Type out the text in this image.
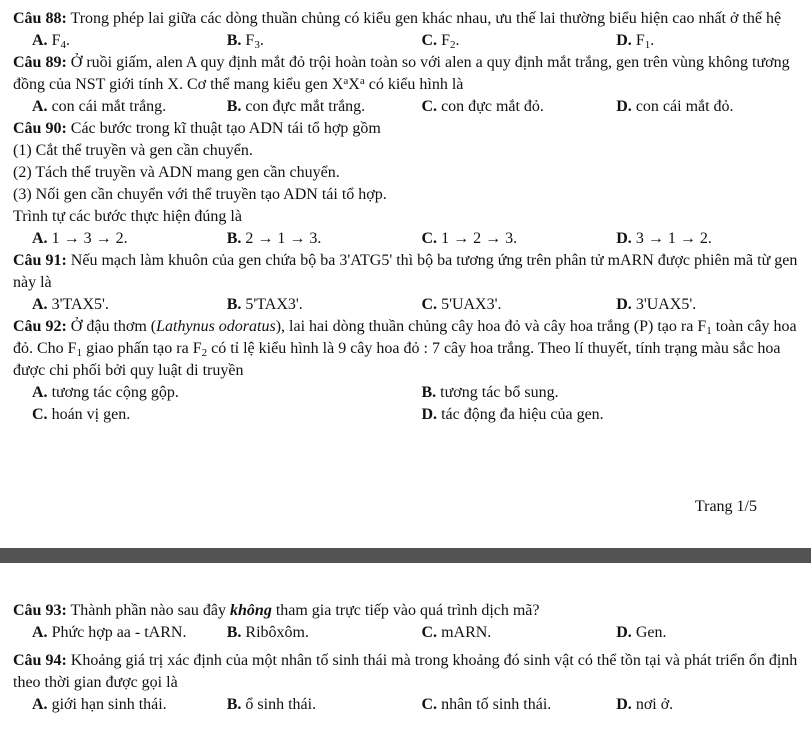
Câu 88: Trong phép lai giữa các dòng thuần chủng có kiểu gen khác nhau, ưu thế lai thường biểu hiện cao nhất ở thế hệ

A. $F_4$.	B. $F_3$.	C. $F_2$.	D. $F_1$.

Câu 89: Ở ruồi giấm, alen A quy định mắt đỏ trội hoàn toàn so với alen a quy định mắt trắng, gen trên vùng không tương đồng của NST giới tính X. Cơ thể mang kiểu gen $X^aX^a$ có kiểu hình là

A. con cái mắt trắng.	B. con đực mắt trắng.	C. con đực mắt đỏ.	D. con cái mắt đỏ.

Câu 90: Các bước trong kĩ thuật tạo ADN tái tổ hợp gồm

(1) Cắt thể truyền và gen cần chuyển.

(2) Tách thể truyền và ADN mang gen cần chuyển.

(3) Nối gen cần chuyển với thể truyền tạo ADN tái tổ hợp.

Trình tự các bước thực hiện đúng là

A. 1 → 3 → 2.	B. 2 → 1 → 3.	C. 1 → 2 → 3.	D. 3 → 1 → 2.

Câu 91: Nếu mạch làm khuôn của gen chứa bộ ba 3'ATG5' thì bộ ba tương ứng trên phân tử mARN được phiên mã từ gen này là

A. 3'TAX5'.	B. 5'TAX3'.	C. 5'UAX3'.	D. 3'UAX5'.

Câu 92: Ở đậu thơm (Lathynus odoratus), lai hai dòng thuần chủng cây hoa đỏ và cây hoa trắng (P) tạo ra $F_1$ toàn cây hoa đỏ. Cho $F_1$ giao phấn tạo ra $F_2$ có tỉ lệ kiểu hình là 9 cây hoa đỏ : 7 cây hoa trắng. Theo lí thuyết, tính trạng màu sắc hoa được chi phối bởi quy luật di truyền

A. tương tác cộng gộp.	B. tương tác bổ sung.
C. hoán vị gen.	D. tác động đa hiệu của gen.
Trang 1/5

Câu 93: Thành phần nào sau đây không tham gia trực tiếp vào quá trình dịch mã?

A. Phức hợp aa - tARN.	B. Ribôxôm.	C. mARN.	D. Gen.

Câu 94: Khoảng giá trị xác định của một nhân tố sinh thái mà trong khoảng đó sinh vật có thể tồn tại và phát triển ổn định theo thời gian được gọi là

A. giới hạn sinh thái.	B. ổ sinh thái.	C. nhân tố sinh thái.	D. nơi ở.
